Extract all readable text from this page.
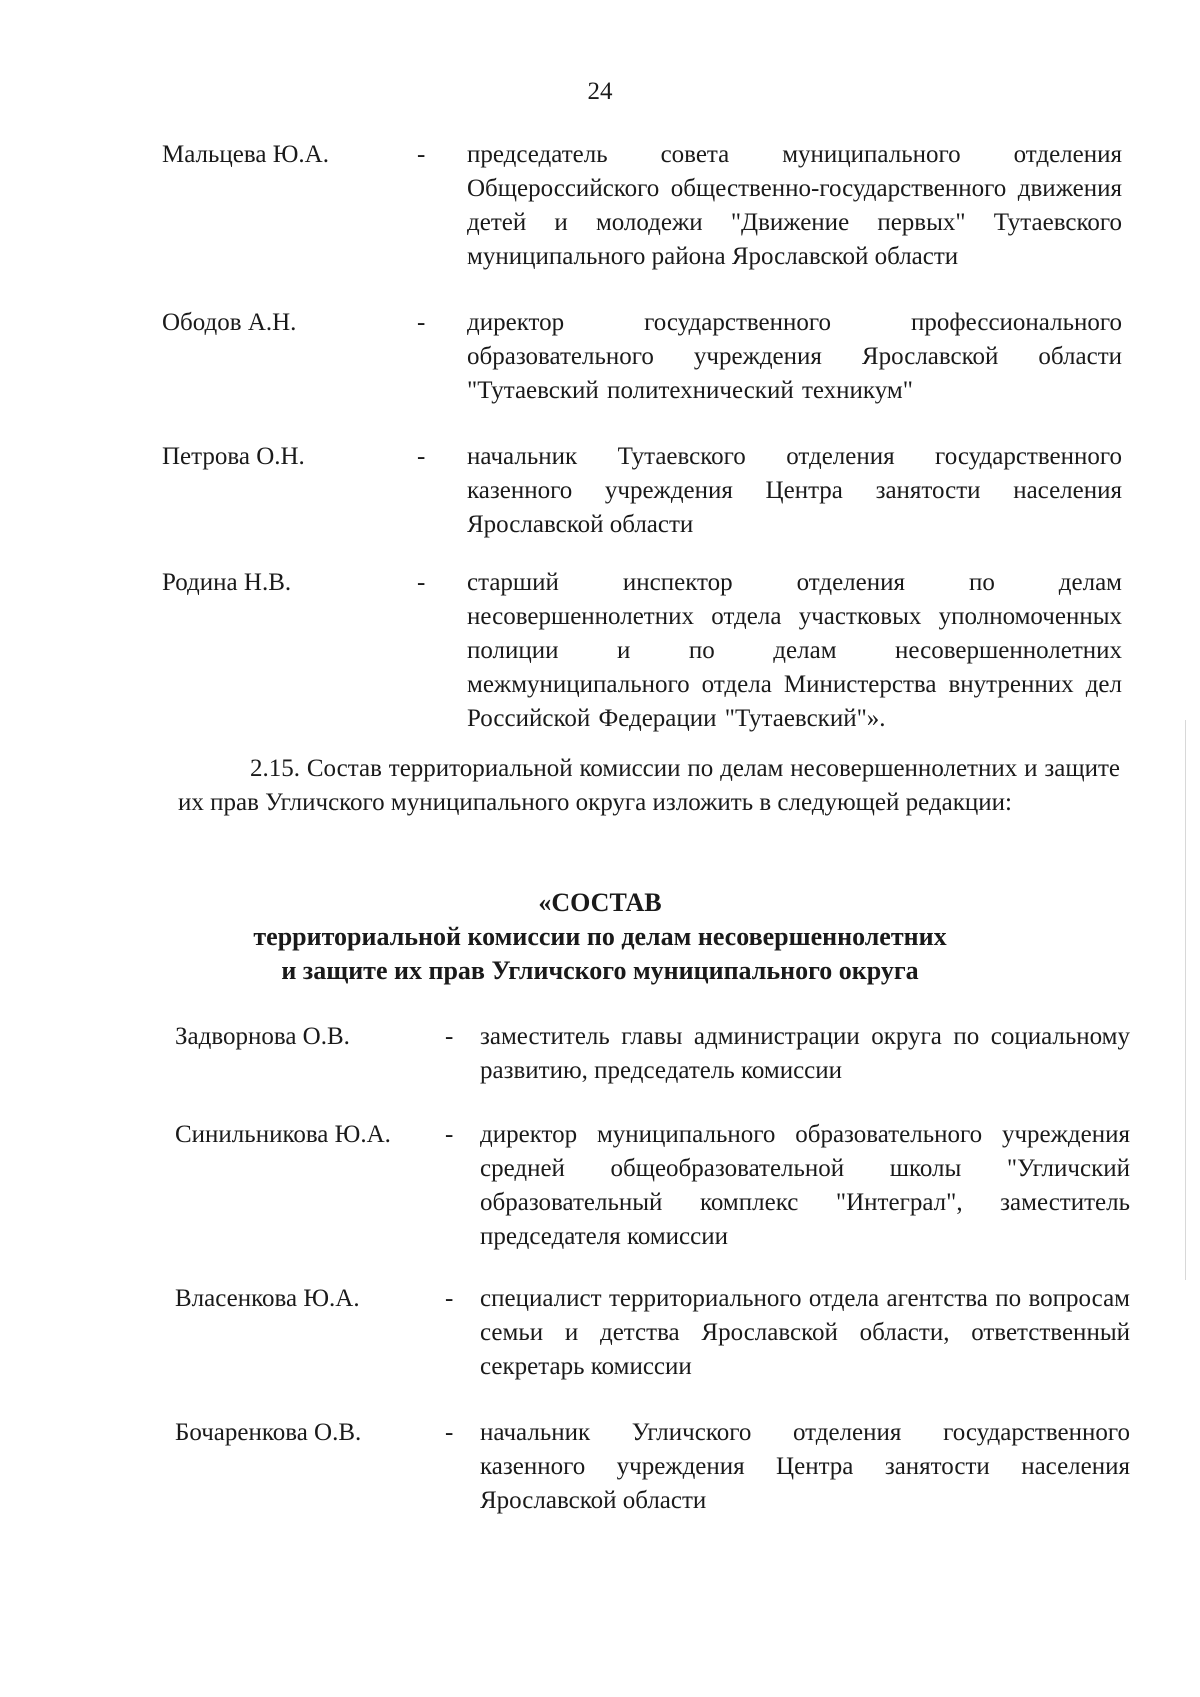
24
Мальцева Ю.А.	- председатель совета муниципального отделения Общероссийского общественно-государственного движения детей и молодежи "Движение первых" Тутаевского муниципального района Ярославской области
Ободов А.Н.	- директор государственного профессионального образовательного учреждения Ярославской области "Тутаевский политехнический техникум"
Петрова О.Н.	- начальник Тутаевского отделения государственного казенного учреждения Центра занятости населения Ярославской области
Родина Н.В.	- старший инспектор отделения по делам несовершеннолетних отдела участковых уполномоченных полиции и по делам несовершеннолетних межмуниципального отдела Министерства внутренних дел Российской Федерации "Тутаевский"».
2.15. Состав территориальной комиссии по делам несовершеннолетних и защите их прав Угличского муниципального округа изложить в следующей редакции:
«СОСТАВ
территориальной комиссии по делам несовершеннолетних
и защите их прав Угличского муниципального округа
Задворнова О.В.	- заместитель главы администрации округа по социальному развитию, председатель комиссии
Синильникова Ю.А. - директор муниципального образовательного учреждения средней общеобразовательной школы "Угличский образовательный комплекс "Интеграл", заместитель председателя комиссии
Власенкова Ю.А.	- специалист территориального отдела агентства по вопросам семьи и детства Ярославской области, ответственный секретарь комиссии
Бочаренкова О.В.	- начальник Угличского отделения государственного казенного учреждения Центра занятости населения Ярославской области
